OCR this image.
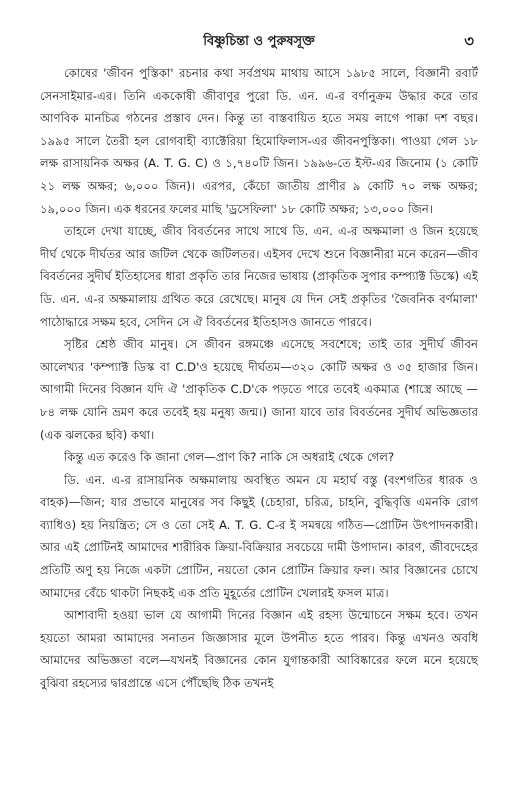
বিষ্ণুচিন্তা ও পুরুষসূক্ত	৩

কোষের 'জীবন পুস্তিকা' রচনার কথা সর্বপ্রথম মাথায় আসে ১৯৮৫ সালে, বিজ্ঞানী রবার্ট সেনসাইমার-এর। তিনি এককোষী জীবাণুর পুরো ডি. এন. এ-র বর্ণানুক্রম উদ্ধার করে তার আণবিক মানচিত্র গঠনের প্রস্তাব দেন। কিন্তু তা বাস্তবায়িত হতে সময় লাগে পাক্কা দশ বছর। ১৯৯৫ সালে তৈরী হল রোগবাহী ব্যাক্টেরিয়া হিমোফিলাস-এর জীবনপুস্তিকা। পাওয়া গেল ১৮ লক্ষ রাসায়নিক অক্ষর (A. T. G. C) ও ১,৭৪০টি জিন। ১৯৯৬-তে ইস্ট-এর জিনোম (১ কোটি ২১ লক্ষ অক্ষর; ৬,০০০ জিন)। এরপর, কেঁচো জাতীয় প্রাণীর ৯ কোটি ৭০ লক্ষ অক্ষর; ১৯,০০০ জিন। এক ধরনের ফলের মাছি 'ড্রসেফিলা' ১৮ কোটি অক্ষর; ১৩,০০০ জিন।

তাহলে দেখা যাচ্ছে, জীব বিবর্তনের সাথে সাথে ডি. এন. এ-র অক্ষমালা ও জিন হয়েছে দীর্ঘ থেকে দীর্ঘতর আর জটিল থেকে জটিলতর। এইসব দেখে শুনে বিজ্ঞানীরা মনে করেন—জীব বিবর্তনের সুদীর্ঘ ইতিহাসের ধারা প্রকৃতি তার নিজের ভাষায় (প্রাকৃতিক সুপার কম্প্যাক্ট ডিস্কে) এই ডি. এন. এ-র অক্ষমালায় গ্রথিত করে রেখেছে। মানুষ যে দিন সেই প্রকৃতির 'জৈবনিক বর্ণমালা' পাঠোদ্ধারে সক্ষম হবে, সেদিন সে ঐ বিবর্তনের ইতিহাসও জানতে পারবে।

সৃষ্টির শ্রেষ্ঠ জীব মানুষ। সে জীবন রঙ্গমঞ্চে এসেছে সবশেষে; তাই তার সুদীর্ঘ জীবন আলেখ্যর 'কম্প্যাক্ট ডিস্ক বা C.D'ও হয়েছে দীর্ঘতম—৩২০ কোটি অক্ষর ও ৩৫ হাজার জিন। আগামী দিনের বিজ্ঞান যদি ঐ 'প্রাকৃতিক C.D'কে পড়তে পারে তবেই একমাত্র (শাস্ত্রে আছে — ৮৪ লক্ষ যোনি ভ্রমণ করে তবেই হয় মনুষ্য জন্ম।) জানা যাবে তার বিবর্তনের সুদীর্ঘ অভিজ্ঞতার (এক ঝলকের ছবি) কথা।

কিন্তু এত করেও কি জানা গেল—প্রাণ কি? নাকি সে অধরাই থেকে গেল?

ডি. এন. এ-র রাসায়নিক অক্ষমালায় অবস্থিত অমন যে মহার্ঘ বস্তু (বংশগতির ধারক ও বাহক)—জিন; যার প্রভাবে মানুষের সব কিছুই (চেহারা, চরিত্র, চাহনি, বুদ্ধিবৃত্তি এমনকি রোগ ব্যাধিও) হয় নিয়ন্ত্রিত; সে ও তো সেই A. T. G. C-র ই সমন্বয়ে গঠিত—প্রোটিন উৎপাদনকারী। আর এই প্রোটিনই আমাদের শারীরিক ক্রিয়া-বিক্রিয়ার সবচেয়ে দামী উপাদান। কারণ, জীবদেহের প্রতিটি অণু হয় নিজে একটা প্রোটিন, নয়তো কোন প্রোটিন ক্রিয়ার ফল। আর বিজ্ঞানের চোখে আমাদের বেঁচে থাকটা নিছকই এক প্রতি মুহূর্তের প্রোটিন খেলারই ফসল মাত্র।

আশাবাদী হওয়া ভাল যে আগামী দিনের বিজ্ঞান এই রহস্য উন্মোচনে সক্ষম হবে। তখন হয়তো আমরা আমাদের সনাতন জিজ্ঞাসার মূলে উপনীত হতে পারব। কিন্তু এখনও অবধি আমাদের অভিজ্ঞতা বলে—যখনই বিজ্ঞানের কোন যুগান্তকারী আবিষ্কারের ফলে মনে হয়েছে বুঝিবা রহস্যের দ্বারপ্রান্তে এসে পৌঁছেছি ঠিক তখনই
